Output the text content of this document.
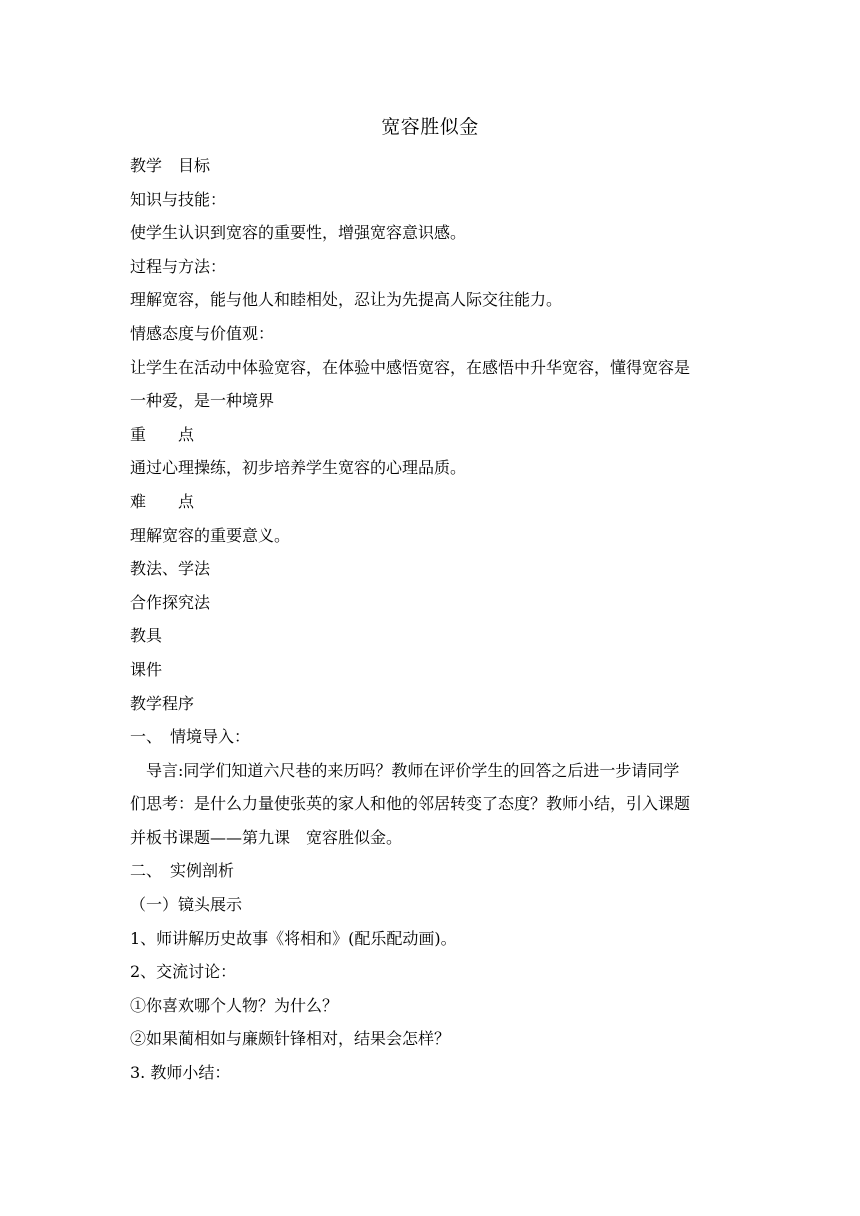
宽容胜似金
教学　目标
知识与技能：
使学生认识到宽容的重要性，增强宽容意识感。
过程与方法：
理解宽容，能与他人和睦相处，忍让为先提高人际交往能力。
情感态度与价值观：
让学生在活动中体验宽容，在体验中感悟宽容，在感悟中升华宽容，懂得宽容是
一种爱，是一种境界
重　　点
通过心理操练，初步培养学生宽容的心理品质。
难　　点
理解宽容的重要意义。
教法、学法
合作探究法
教具
课件
教学程序
一、　情境导入：
导言:同学们知道六尺巷的来历吗？教师在评价学生的回答之后进一步请同学
们思考：是什么力量使张英的家人和他的邻居转变了态度？教师小结，引入课题
并板书课题——第九课　宽容胜似金。
二、　实例剖析
（一）镜头展示
1、师讲解历史故事《将相和》(配乐配动画)。
2、交流讨论：
①你喜欢哪个人物？为什么？
②如果蔺相如与廉颇针锋相对，结果会怎样？
3. 教师小结：
